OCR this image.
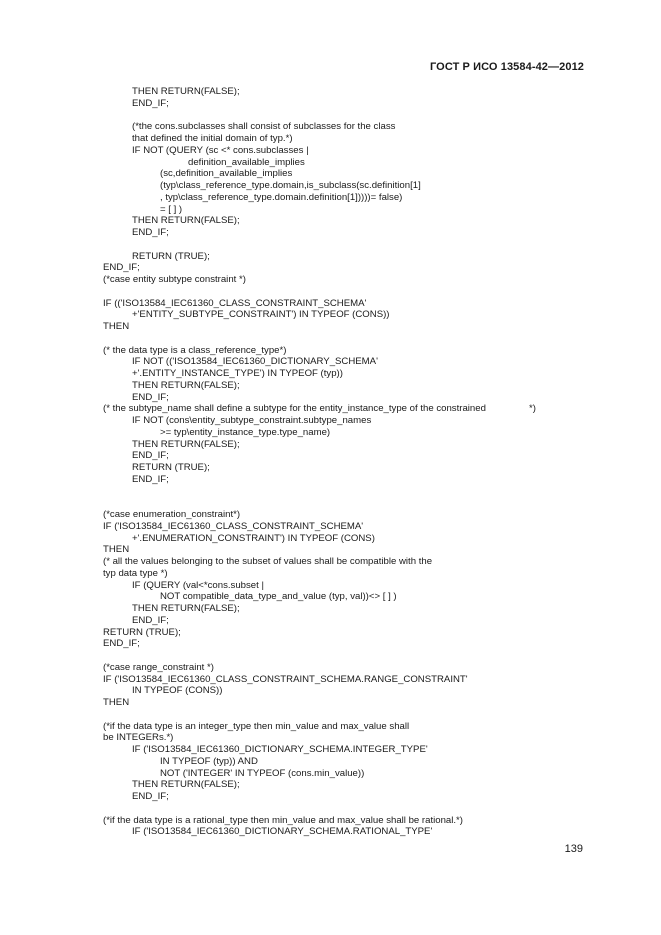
ГОСТ Р ИСО 13584-42—2012
THEN RETURN(FALSE);
END_IF;
(*the cons.subclasses shall consist of subclasses for the class
that defined the initial domain of typ.*)
IF NOT (QUERY (sc <* cons.subclasses |
definition_available_implies
(sc,definition_available_implies
(typ\class_reference_type.domain,is_subclass(sc.definition[1]
, typ\class_reference_type.domain.definition[1]))))= false)
= [ ] )
THEN RETURN(FALSE);
END_IF;
RETURN (TRUE);
END_IF;
(*case entity subtype constraint *)
IF (('ISO13584_IEC61360_CLASS_CONSTRAINT_SCHEMA'
+'ENTITY_SUBTYPE_CONSTRAINT') IN TYPEOF (CONS))
THEN
(* the data type is a class_reference_type*)
IF NOT (('ISO13584_IEC61360_DICTIONARY_SCHEMA'
+'.ENTITY_INSTANCE_TYPE') IN TYPEOF (typ))
THEN RETURN(FALSE);
END_IF;
(* the subtype_name shall define a subtype for the entity_instance_type of the constrained	*)
IF NOT (cons\entity_subtype_constraint.subtype_names
>= typ\entity_instance_type.type_name)
THEN RETURN(FALSE);
END_IF;
RETURN (TRUE);
END_IF;
(*case enumeration_constraint*)
IF ('ISO13584_IEC61360_CLASS_CONSTRAINT_SCHEMA'
+'.ENUMERATION_CONSTRAINT') IN TYPEOF (CONS)
THEN
(* all the values belonging to the subset of values shall be compatible with the
typ data type *)
IF (QUERY (val<*cons.subset |
NOT compatible_data_type_and_value (typ, val))<> [ ] )
THEN RETURN(FALSE);
END_IF;
RETURN (TRUE);
END_IF;
(*case range_constraint *)
IF ('ISO13584_IEC61360_CLASS_CONSTRAINT_SCHEMA.RANGE_CONSTRAINT'
IN TYPEOF (CONS))
THEN
(*if the data type is an integer_type then min_value and max_value shall
be INTEGERs.*)
IF ('ISO13584_IEC61360_DICTIONARY_SCHEMA.INTEGER_TYPE'
IN TYPEOF (typ)) AND
NOT ('INTEGER' IN TYPEOF (cons.min_value))
THEN RETURN(FALSE);
END_IF;
(*if the data type is a rational_type then min_value and max_value shall be rational.*)
IF ('ISO13584_IEC61360_DICTIONARY_SCHEMA.RATIONAL_TYPE'
139
